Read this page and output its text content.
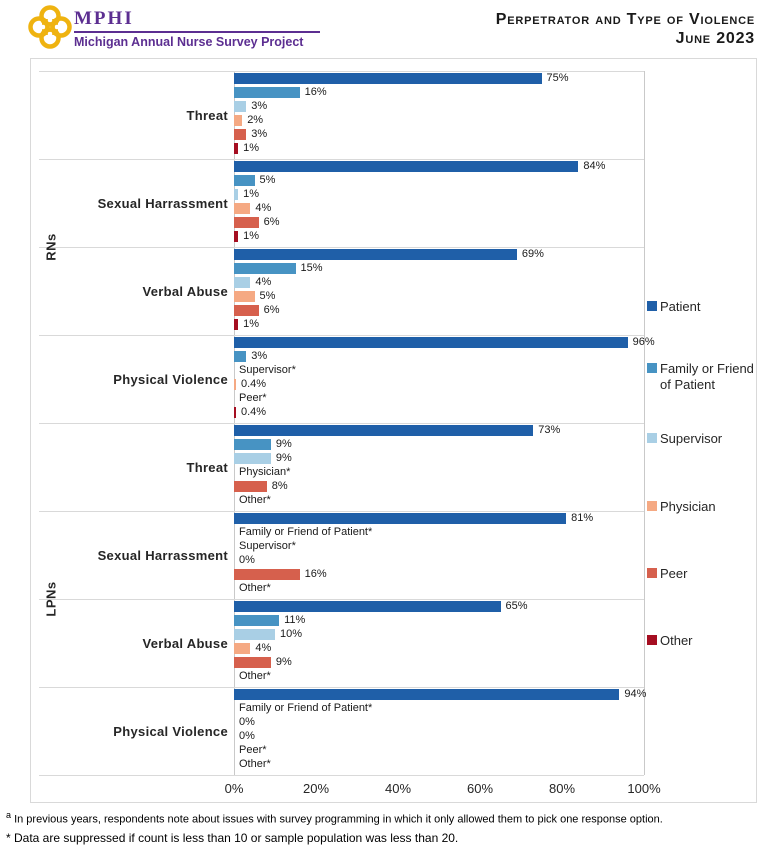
MPHI
Michigan Annual Nurse Survey Project
Perpetrator and Type of Violence
June 2023
Threat
75%
16%
3%
2%
3%
1%
Sexual Harrassment
84%
5%
1%
4%
6%
1%
Verbal Abuse
69%
15%
4%
5%
6%
1%
Physical Violence
96%
3%
Supervisor*
0.4%
Peer*
0.4%
RNs
Threat
73%
9%
9%
Physician*
8%
Other*
Sexual Harrassment
81%
Family or Friend of Patient*
Supervisor*
0%
16%
Other*
Verbal Abuse
65%
11%
10%
4%
9%
Other*
Physical Violence
94%
Family or Friend of Patient*
0%
0%
Peer*
Other*
LPNs
0%	20%	40%	60%	80%	100%
Patient
Family or Friend of Patient
Supervisor
Physician
Peer
Other
$^a$ In previous years, respondents note about issues with survey programming in which it only allowed them to pick one response option.
* Data are suppressed if count is less than 10 or sample population was less than 20.
